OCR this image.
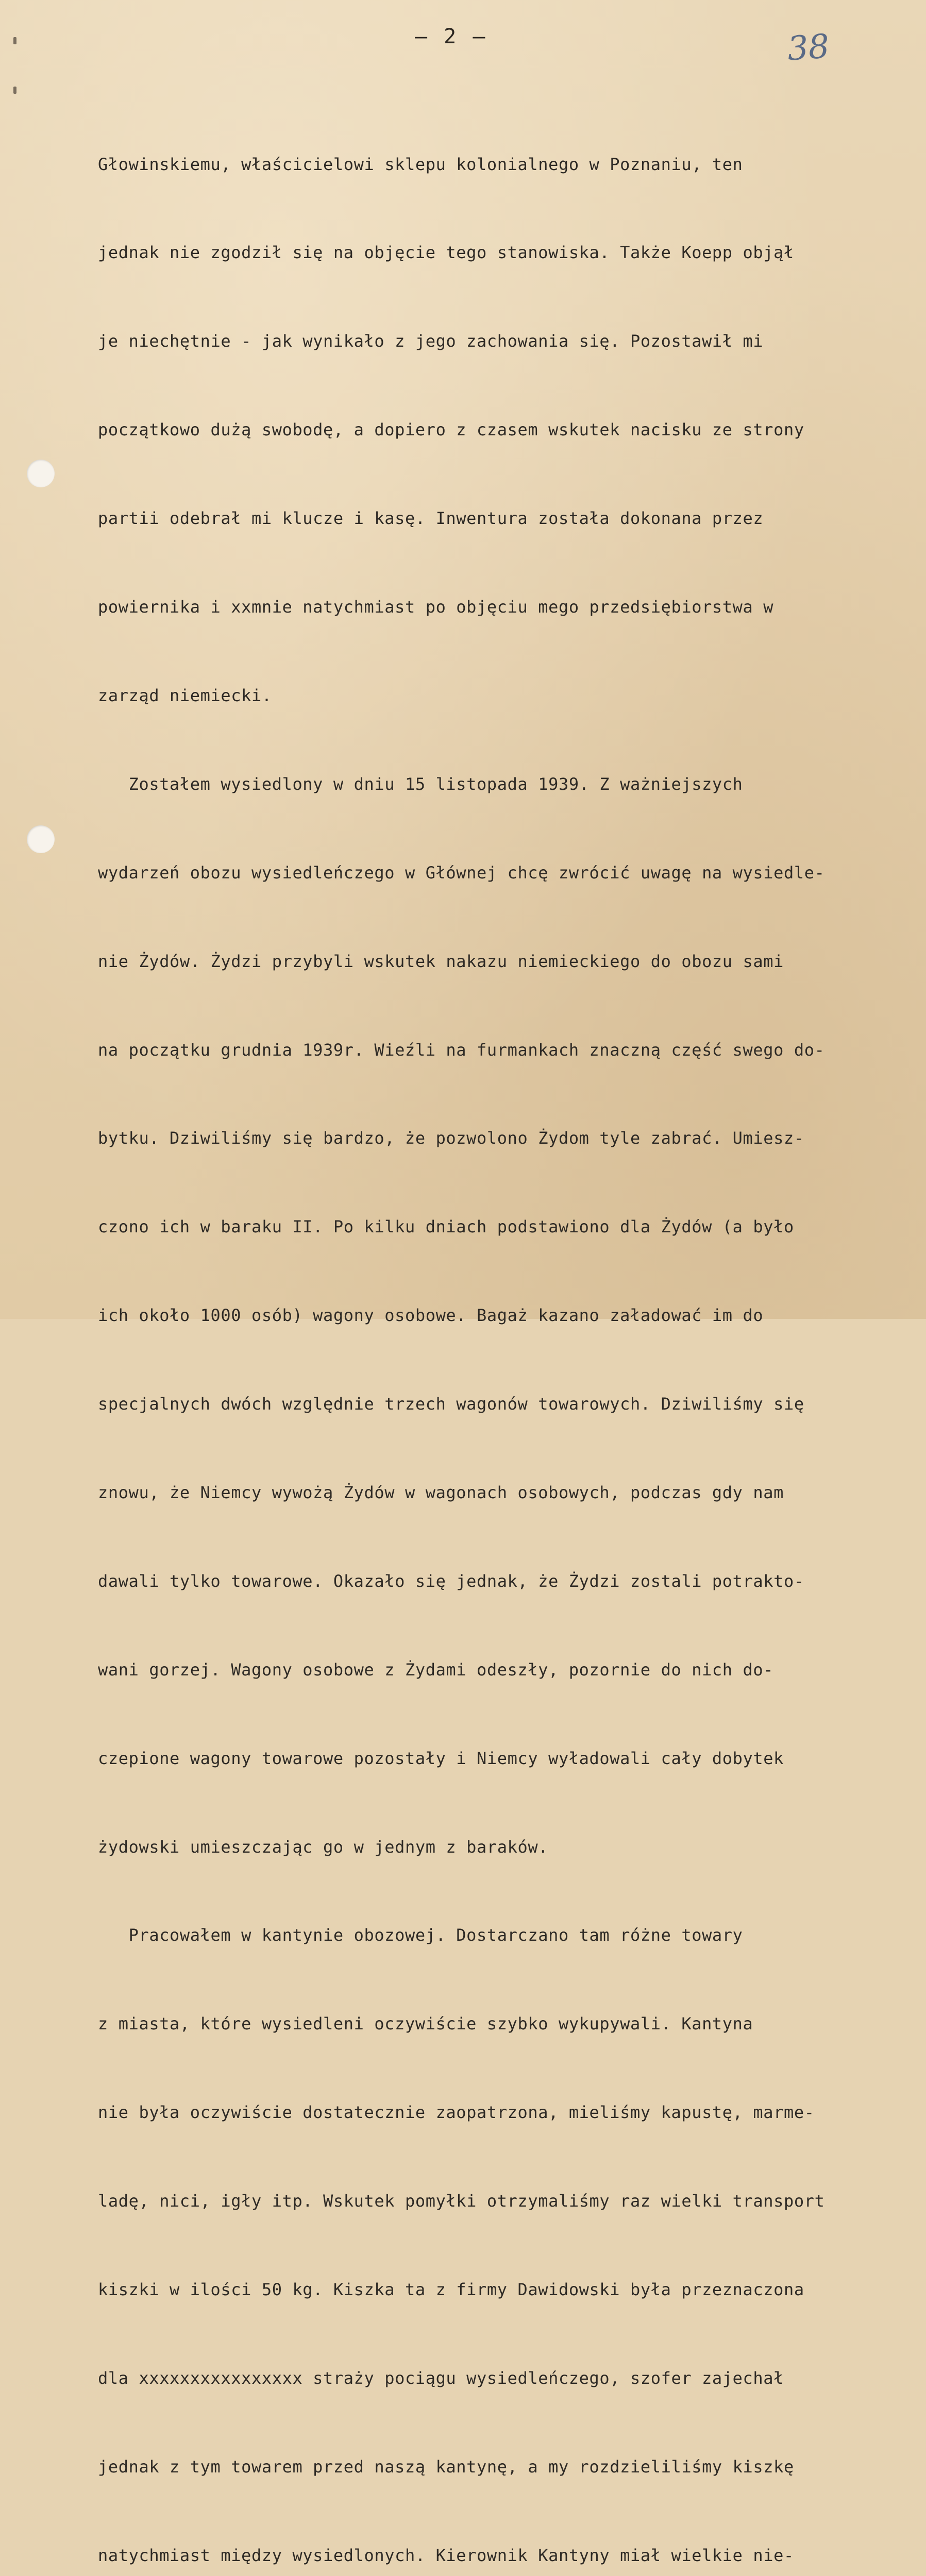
– 2 –	38

Głowinskiemu, właścicielowi sklepu kolonialnego w Poznaniu, ten

jednak nie zgodził się na objęcie tego stanowiska. Także Koepp objął

je niechętnie - jak wynikało z jego zachowania się. Pozostawił mi

początkowo dużą swobodę, a dopiero z czasem wskutek nacisku ze strony

partii odebrał mi klucze i kasę. Inwentura została dokonana przez

powiernika i xxmnie natychmiast po objęciu mego przedsiębiorstwa w

zarząd niemiecki.

Zostałem wysiedlony w dniu 15 listopada 1939. Z ważniejszych

wydarzeń obozu wysiedleńczego w Głównej chcę zwrócić uwagę na wysiedle-

nie Żydów. Żydzi przybyli wskutek nakazu niemieckiego do obozu sami

na początku grudnia 1939r. Wieźli na furmankach znaczną część swego do-

bytku. Dziwiliśmy się bardzo, że pozwolono Żydom tyle zabrać. Umiesz-

czono ich w baraku II. Po kilku dniach podstawiono dla Żydów (a było

ich około 1000 osób) wagony osobowe. Bagaż kazano załadować im do

specjalnych dwóch względnie trzech wagonów towarowych. Dziwiliśmy się

znowu, że Niemcy wywożą Żydów w wagonach osobowych, podczas gdy nam

dawali tylko towarowe. Okazało się jednak, że Żydzi zostali potrakto-

wani gorzej. Wagony osobowe z Żydami odeszły, pozornie do nich do-

czepione wagony towarowe pozostały i Niemcy wyładowali cały dobytek

żydowski umieszczając go w jednym z baraków.

Pracowałem w kantynie obozowej. Dostarczano tam różne towary

z miasta, które wysiedleni oczywiście szybko wykupywali. Kantyna

nie była oczywiście dostatecznie zaopatrzona, mieliśmy kapustę, marme-

ladę, nici, igły itp. Wskutek pomyłki otrzymaliśmy raz wielki transport

kiszki w ilości 50 kg. Kiszka ta z firmy Dawidowski była przeznaczona

dla xxxxxxxxxxxxxxxx straży pociągu wysiedleńczego, szofer zajechał

jednak z tym towarem przed naszą kantynę, a my rozdzieliliśmy kiszkę

natychmiast między wysiedlonych. Kierownik Kantyny miał wielkie nie-
